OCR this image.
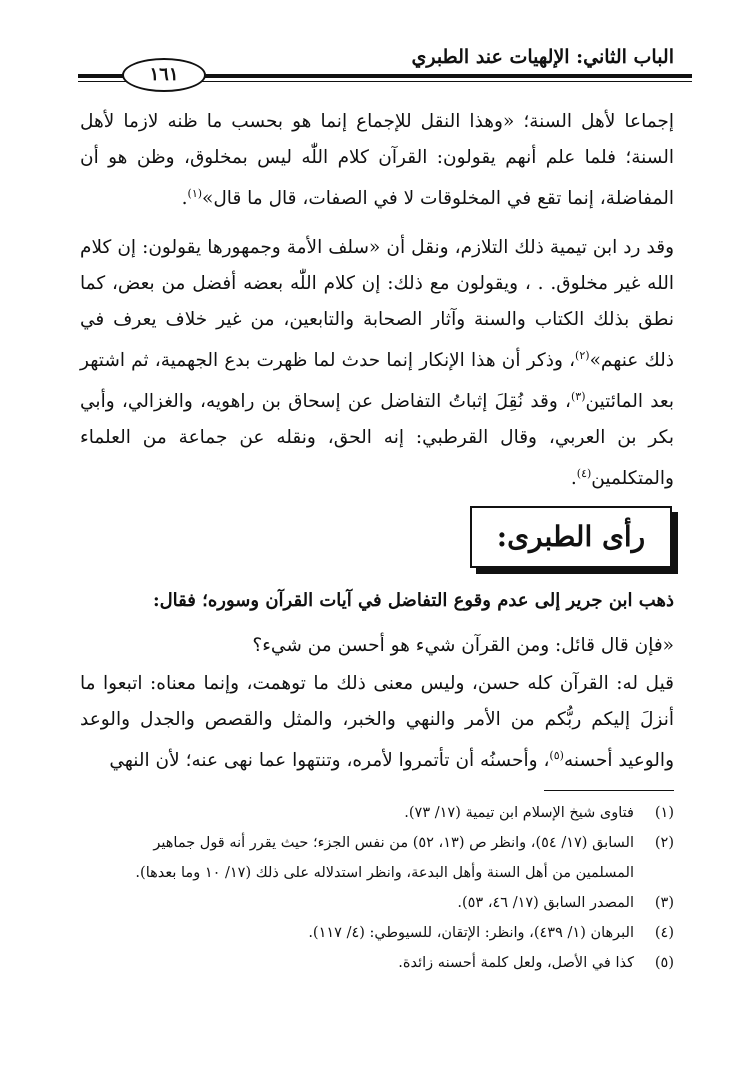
الباب الثاني: الإلهيات عند الطبري
١٦١
إجماعا لأهل السنة؛ «وهذا النقل للإجماع إنما هو بحسب ما ظنه لازما لأهل السنة؛ فلما علم أنهم يقولون: القرآن كلام اللّٰه ليس بمخلوق، وظن هو أن المفاضلة، إنما تقع في المخلوقات لا في الصفات، قال ما قال»$^{(١)}$.
وقد رد ابن تيمية ذلك التلازم، ونقل أن «سلف الأمة وجمهورها يقولون: إن كلام الله غير مخلوق. . ، ويقولون مع ذلك: إن كلام اللّٰه بعضه أفضل من بعض، كما نطق بذلك الكتاب والسنة وآثار الصحابة والتابعين، من غير خلاف يعرف في ذلك عنهم»$^{(٢)}$، وذكر أن هذا الإنكار إنما حدث لما ظهرت بدع الجهمية، ثم اشتهر بعد المائتين$^{(٣)}$، وقد نُقِلَ إثباتُ التفاضل عن إسحاق بن راهويه، والغزالي، وأبي بكر بن العربي، وقال القرطبي: إنه الحق، ونقله عن جماعة من العلماء والمتكلمين$^{(٤)}$.
رأى الطبرى:
ذهب ابن جرير إلى عدم وقوع التفاضل في آيات القرآن وسوره؛ فقال:
«فإن قال قائل: ومن القرآن شيء هو أحسن من شيء؟
قيل له: القرآن كله حسن، وليس معنى ذلك ما توهمت، وإنما معناه: اتبعوا ما أنزلَ إليكم ربُّكم من الأمر والنهي والخبر، والمثل والقصص والجدل والوعد والوعيد أحسنه$^{(٥)}$، وأحسنُه أن تأتمروا لأمره، وتنتهوا عما نهى عنه؛ لأن النهي
(١)
فتاوى شيخ الإسلام ابن تيمية (١٧/ ٧٣).
(٢)
السابق (١٧/ ٥٤)، وانظر ص (١٣، ٥٢) من نفس الجزء؛ حيث يقرر أنه قول جماهير
المسلمين من أهل السنة وأهل البدعة، وانظر استدلاله على ذلك (١٧/ ١٠ وما بعدها).
(٣)
المصدر السابق (١٧/ ٤٦، ٥٣).
(٤)
البرهان (١/ ٤٣٩)، وانظر: الإتقان، للسيوطي: (٤/ ١١٧).
(٥)
كذا في الأصل، ولعل كلمة أحسنه زائدة.
